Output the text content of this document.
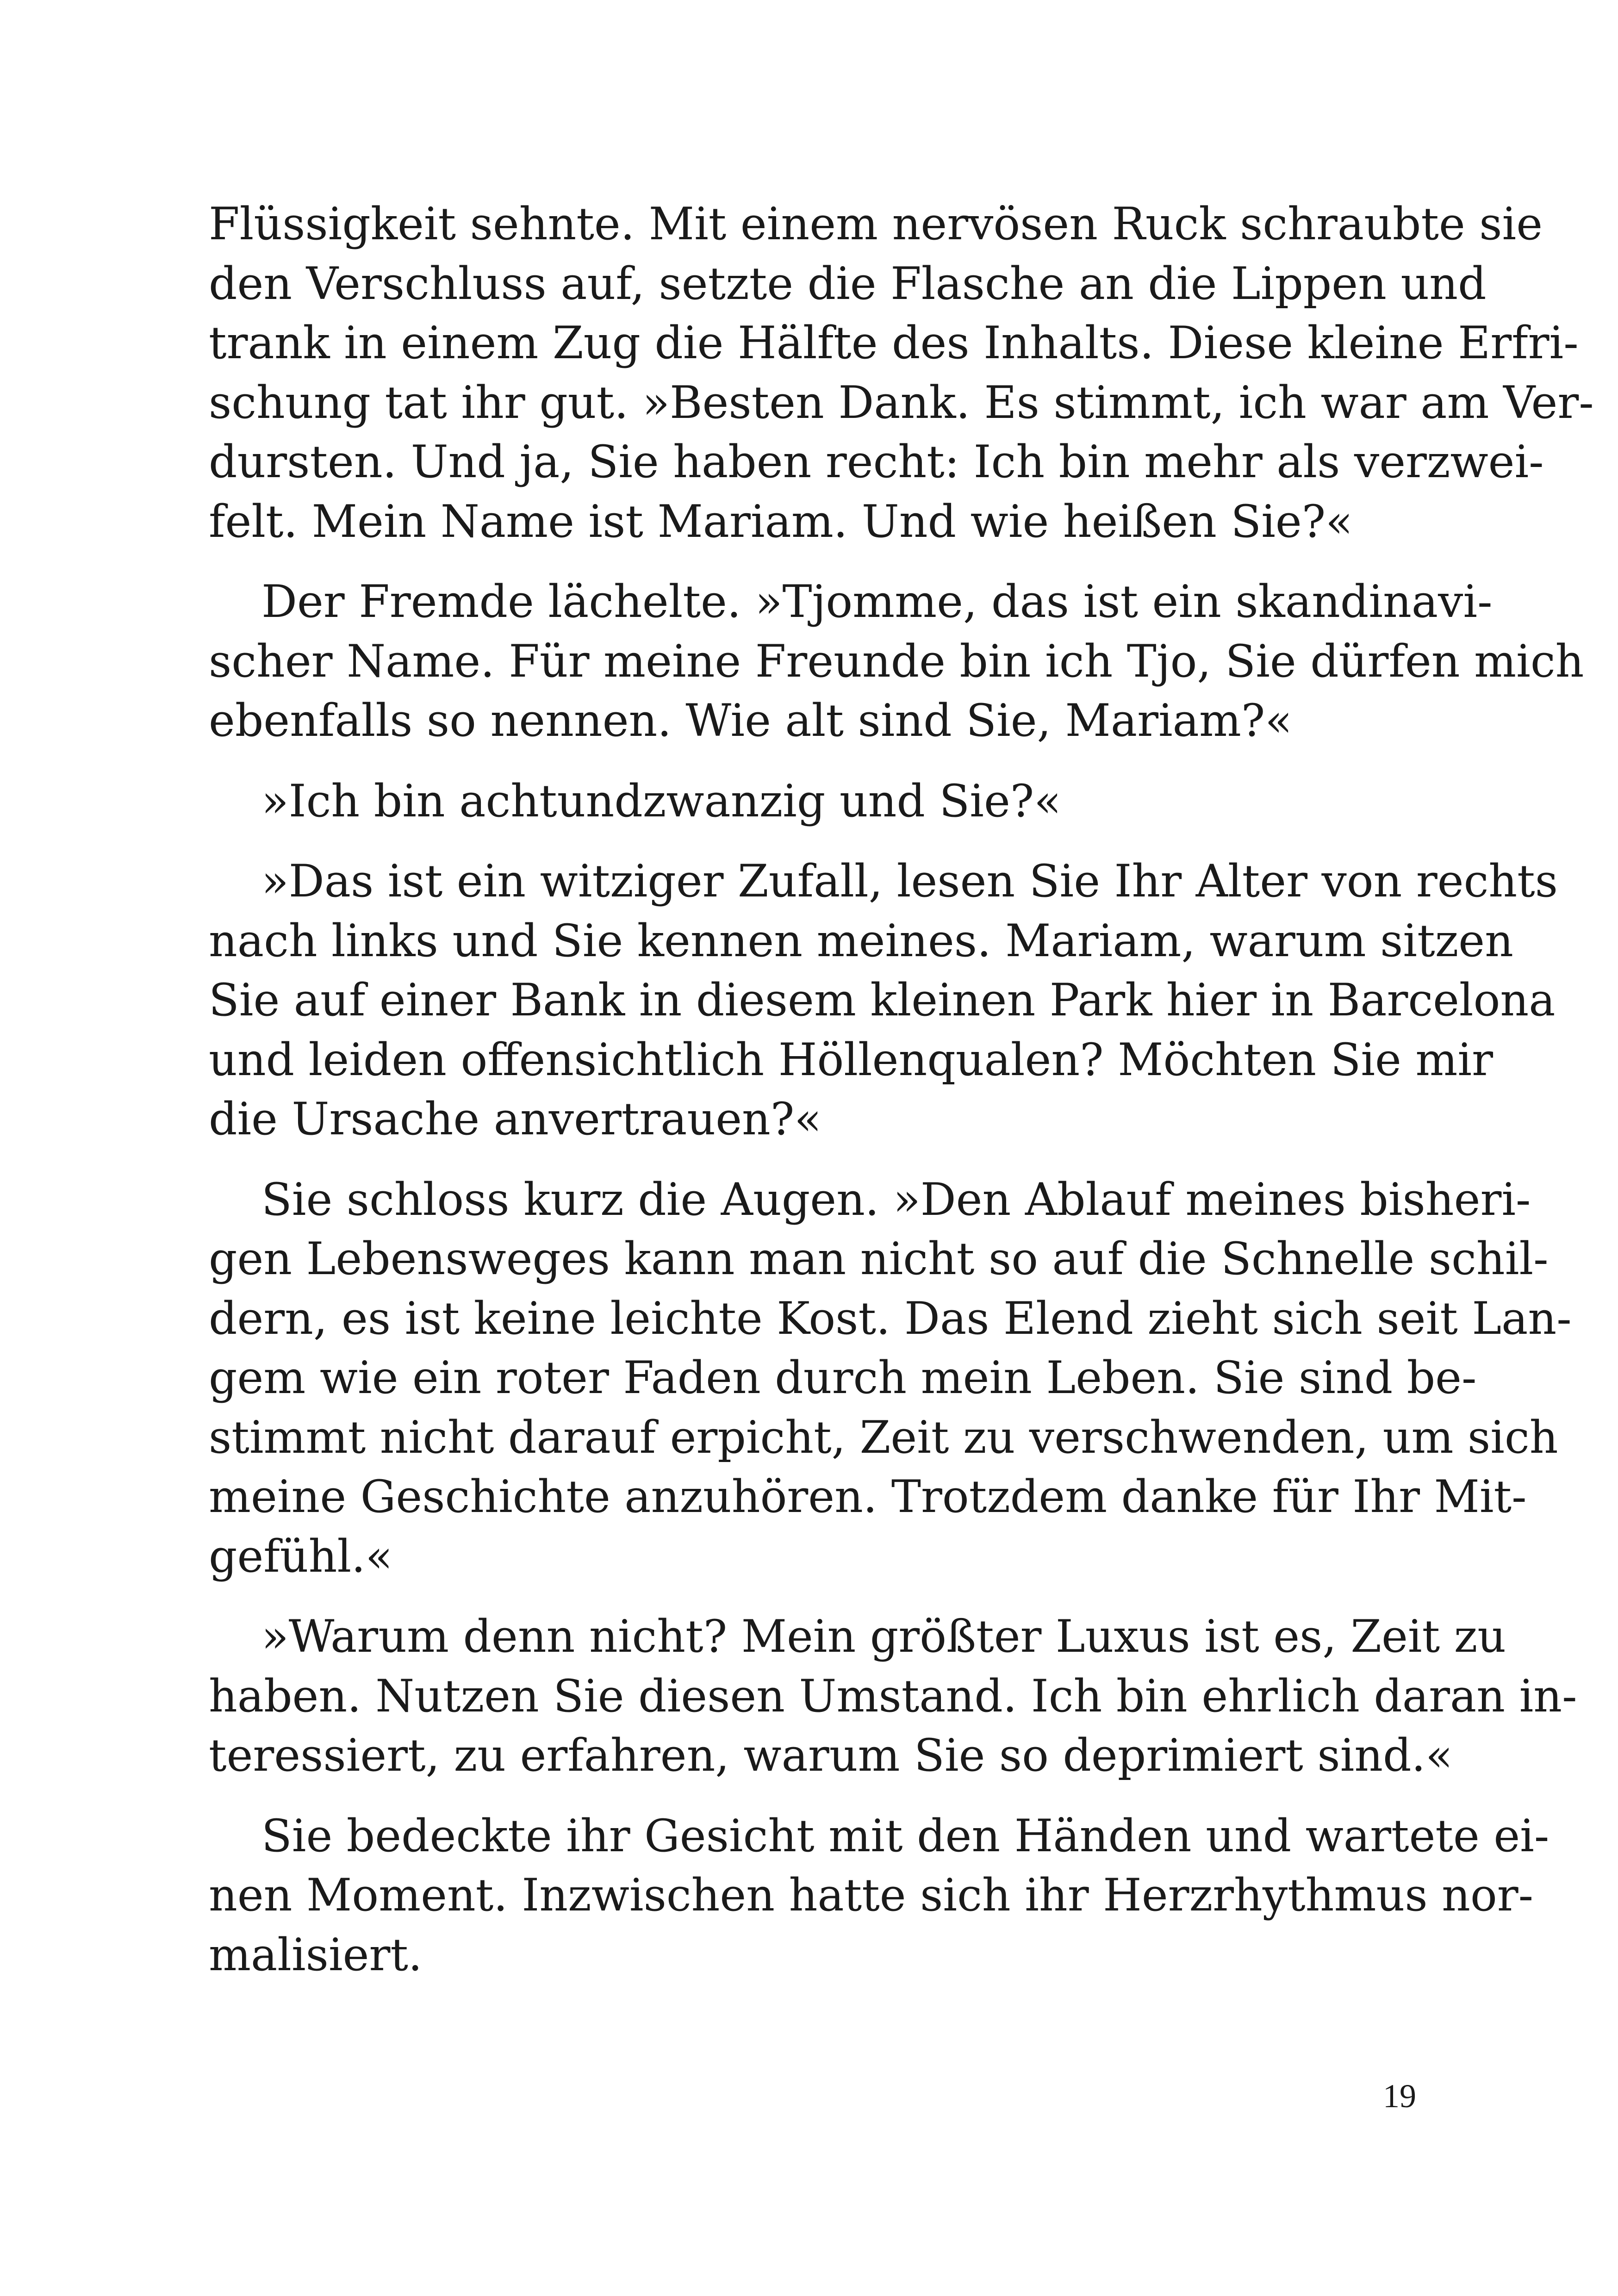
Flüssigkeit sehnte. Mit einem nervösen Ruck schraubte sie
den Verschluss auf, setzte die Flasche an die Lippen und
trank in einem Zug die Hälfte des Inhalts. Diese kleine Erfri-
schung tat ihr gut. »Besten Dank. Es stimmt, ich war am Ver-
dursten. Und ja, Sie haben recht: Ich bin mehr als verzwei-
felt. Mein Name ist Mariam. Und wie heißen Sie?«
Der Fremde lächelte. »Tjomme, das ist ein skandinavi-
scher Name. Für meine Freunde bin ich Tjo, Sie dürfen mich
ebenfalls so nennen. Wie alt sind Sie, Mariam?«
»Ich bin achtundzwanzig und Sie?«
»Das ist ein witziger Zufall, lesen Sie Ihr Alter von rechts
nach links und Sie kennen meines. Mariam, warum sitzen
Sie auf einer Bank in diesem kleinen Park hier in Barcelona
und leiden offensichtlich Höllenqualen? Möchten Sie mir
die Ursache anvertrauen?«
Sie schloss kurz die Augen. »Den Ablauf meines bisheri-
gen Lebensweges kann man nicht so auf die Schnelle schil-
dern, es ist keine leichte Kost. Das Elend zieht sich seit Lan-
gem wie ein roter Faden durch mein Leben. Sie sind be-
stimmt nicht darauf erpicht, Zeit zu verschwenden, um sich
meine Geschichte anzuhören. Trotzdem danke für Ihr Mit-
gefühl.«
»Warum denn nicht? Mein größter Luxus ist es, Zeit zu
haben. Nutzen Sie diesen Umstand. Ich bin ehrlich daran in-
teressiert, zu erfahren, warum Sie so deprimiert sind.«
Sie bedeckte ihr Gesicht mit den Händen und wartete ei-
nen Moment. Inzwischen hatte sich ihr Herzrhythmus nor-
malisiert.
19
